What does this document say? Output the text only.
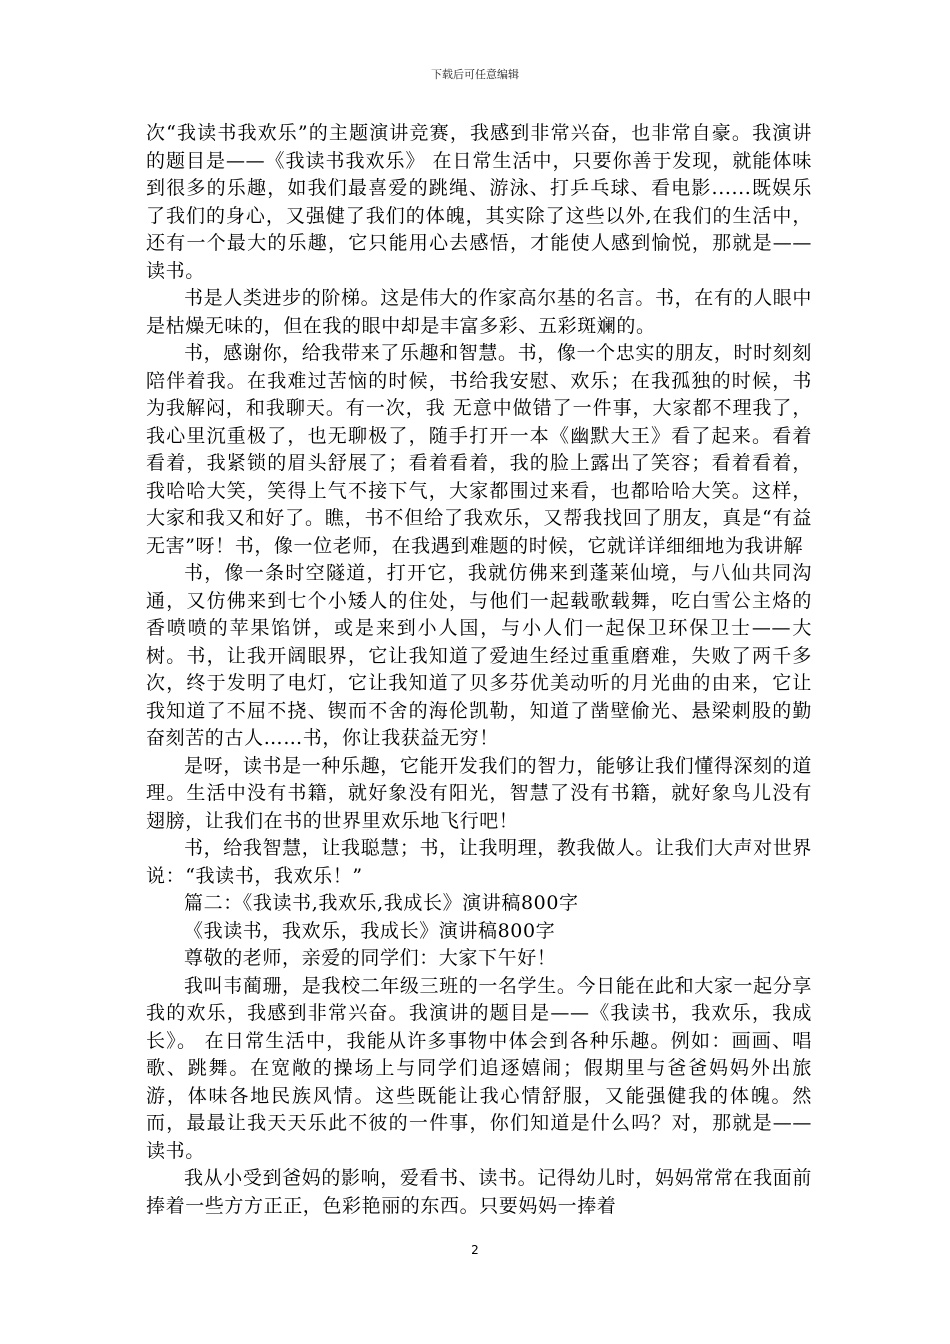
下载后可任意编辑

次“我读书我欢乐”的主题演讲竞赛，我感到非常兴奋，也非常自豪。我演讲的题目是——《我读书我欢乐》 在日常生活中，只要你善于发现，就能体味到很多的乐趣，如我们最喜爱的跳绳、游泳、打乒乓球、看电影......既娱乐了我们的身心，又强健了我们的体魄，其实除了这些以外,在我们的生活中，还有一个最大的乐趣，它只能用心去感悟，才能使人感到愉悦，那就是——读书。

书是人类进步的阶梯。这是伟大的作家高尔基的名言。书，在有的人眼中是枯燥无味的，但在我的眼中却是丰富多彩、五彩斑斓的。

书，感谢你，给我带来了乐趣和智慧。书，像一个忠实的朋友，时时刻刻陪伴着我。在我难过苦恼的时候，书给我安慰、欢乐；在我孤独的时候，书为我解闷，和我聊天。有一次，我 无意中做错了一件事，大家都不理我了，我心里沉重极了，也无聊极了，随手打开一本《幽默大王》看了起来。看着看着，我紧锁的眉头舒展了；看着看着，我的脸上露出了笑容；看着看着，我哈哈大笑，笑得上气不接下气，大家都围过来看，也都哈哈大笑。这样，大家和我又和好了。瞧，书不但给了我欢乐，又帮我找回了朋友，真是“有益无害”呀！书，像一位老师，在我遇到难题的时候，它就详详细细地为我讲解

书，像一条时空隧道，打开它，我就仿佛来到蓬莱仙境，与八仙共同沟通，又仿佛来到七个小矮人的住处，与他们一起载歌载舞，吃白雪公主烙的香喷喷的苹果馅饼，或是来到小人国，与小人们一起保卫环保卫士——大树。书，让我开阔眼界，它让我知道了爱迪生经过重重磨难，失败了两千多次，终于发明了电灯，它让我知道了贝多芬优美动听的月光曲的由来，它让我知道了不屈不挠、锲而不舍的海伦凯勒，知道了凿壁偷光、悬梁刺股的勤奋刻苦的古人……书，你让我获益无穷！

是呀，读书是一种乐趣，它能开发我们的智力，能够让我们懂得深刻的道理。生活中没有书籍，就好象没有阳光，智慧了没有书籍，就好象鸟儿没有翅膀，让我们在书的世界里欢乐地飞行吧！

书，给我智慧，让我聪慧；书，让我明理，教我做人。让我们大声对世界说：“我读书，我欢乐！”

篇二：《我读书,我欢乐,我成长》演讲稿800字

《我读书，我欢乐，我成长》演讲稿800字

尊敬的老师，亲爱的同学们：大家下午好！

我叫韦蔺珊，是我校二年级三班的一名学生。今日能在此和大家一起分享我的欢乐，我感到非常兴奋。我演讲的题目是——《我读书，我欢乐，我成长》。 在日常生活中，我能从许多事物中体会到各种乐趣。例如：画画、唱歌、跳舞。在宽敞的操场上与同学们追逐嬉闹；假期里与爸爸妈妈外出旅游，体味各地民族风情。这些既能让我心情舒服，又能强健我的体魄。然而，最最让我天天乐此不彼的一件事，你们知道是什么吗？对，那就是——读书。

我从小受到爸妈的影响，爱看书、读书。记得幼儿时，妈妈常常在我面前捧着一些方方正正，色彩艳丽的东西。只要妈妈一捧着

2
